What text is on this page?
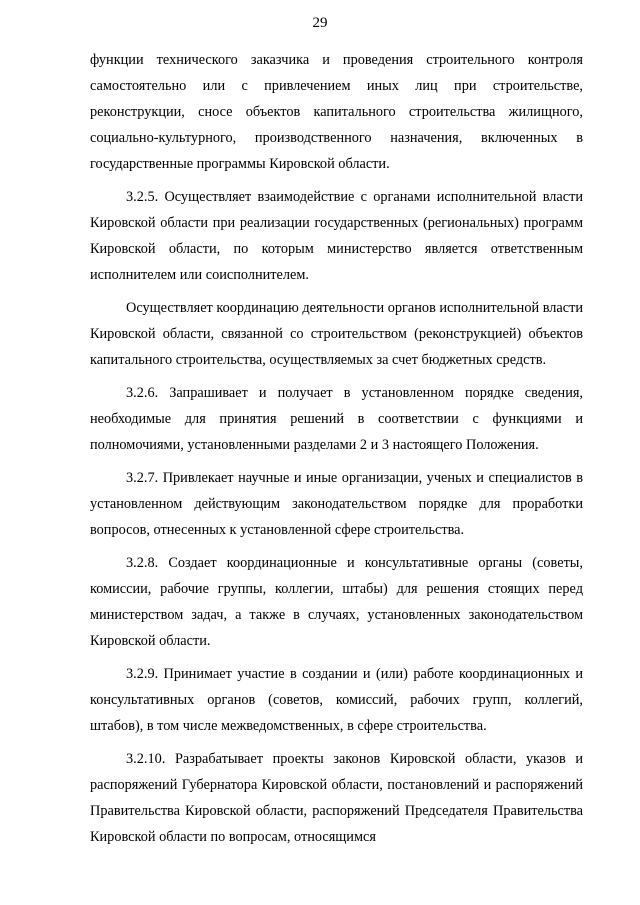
29

функции технического заказчика и проведения строительного контроля самостоятельно или с привлечением иных лиц при строительстве, реконструкции, сносе объектов капитального строительства жилищного, социально-культурного, производственного назначения, включенных в государственные программы Кировской области.

3.2.5. Осуществляет взаимодействие с органами исполнительной власти Кировской области при реализации государственных (региональных) программ Кировской области, по которым министерство является ответственным исполнителем или соисполнителем.

Осуществляет координацию деятельности органов исполнительной власти Кировской области, связанной со строительством (реконструкцией) объектов капитального строительства, осуществляемых за счет бюджетных средств.

3.2.6. Запрашивает и получает в установленном порядке сведения, необходимые для принятия решений в соответствии с функциями и полномочиями, установленными разделами 2 и 3 настоящего Положения.

3.2.7. Привлекает научные и иные организации, ученых и специалистов в установленном действующим законодательством порядке для проработки вопросов, отнесенных к установленной сфере строительства.

3.2.8. Создает координационные и консультативные органы (советы, комиссии, рабочие группы, коллегии, штабы) для решения стоящих перед министерством задач, а также в случаях, установленных законодательством Кировской области.

3.2.9. Принимает участие в создании и (или) работе координационных и консультативных органов (советов, комиссий, рабочих групп, коллегий, штабов), в том числе межведомственных, в сфере строительства.

3.2.10. Разрабатывает проекты законов Кировской области, указов и распоряжений Губернатора Кировской области, постановлений и распоряжений Правительства Кировской области, распоряжений Председателя Правительства Кировской области по вопросам, относящимся
